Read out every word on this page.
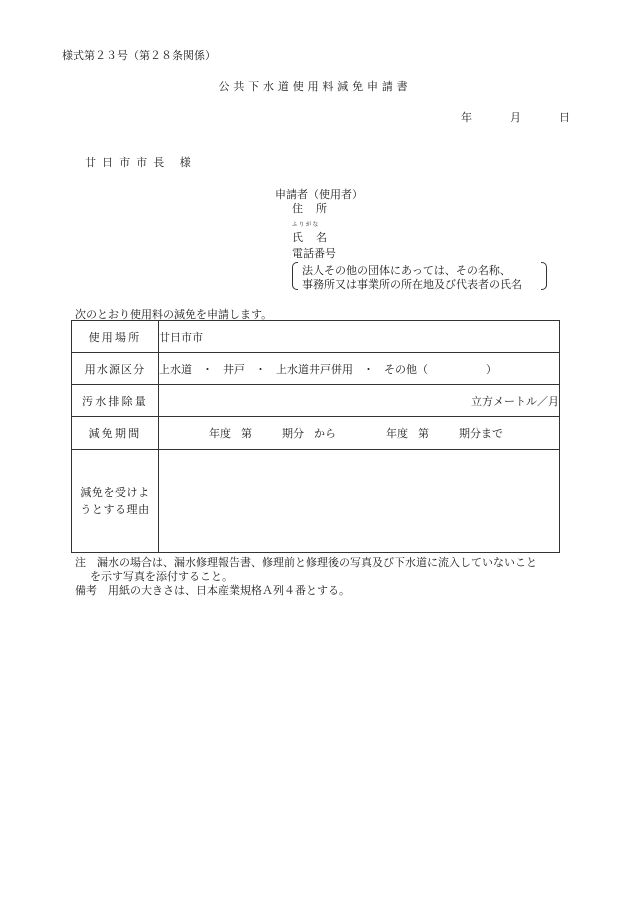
様式第２３号（第２８条関係）
公共下水道使用料減免申請書
年	月	日
廿日市市長 様
申請者（使用者）
住 所
ふりがな
氏 名
電話番号
法人その他の団体にあっては、その名称、
事務所又は事業所の所在地及び代表者の氏名
次のとおり使用料の減免を申請します。
使用場所	廿日市市
用水源区分	上水道 ・ 井戸 ・ 上水道井戸併用 ・ その他（ ）
汚水排除量	立方メートル／月
減免期間	年度 第 期分 から 年度 第 期分まで
減免を受けようとする理由	
注　漏水の場合は、漏水修理報告書、修理前と修理後の写真及び下水道に流入していないこと
を示す写真を添付すること。
備考　用紙の大きさは、日本産業規格Ａ列４番とする。
